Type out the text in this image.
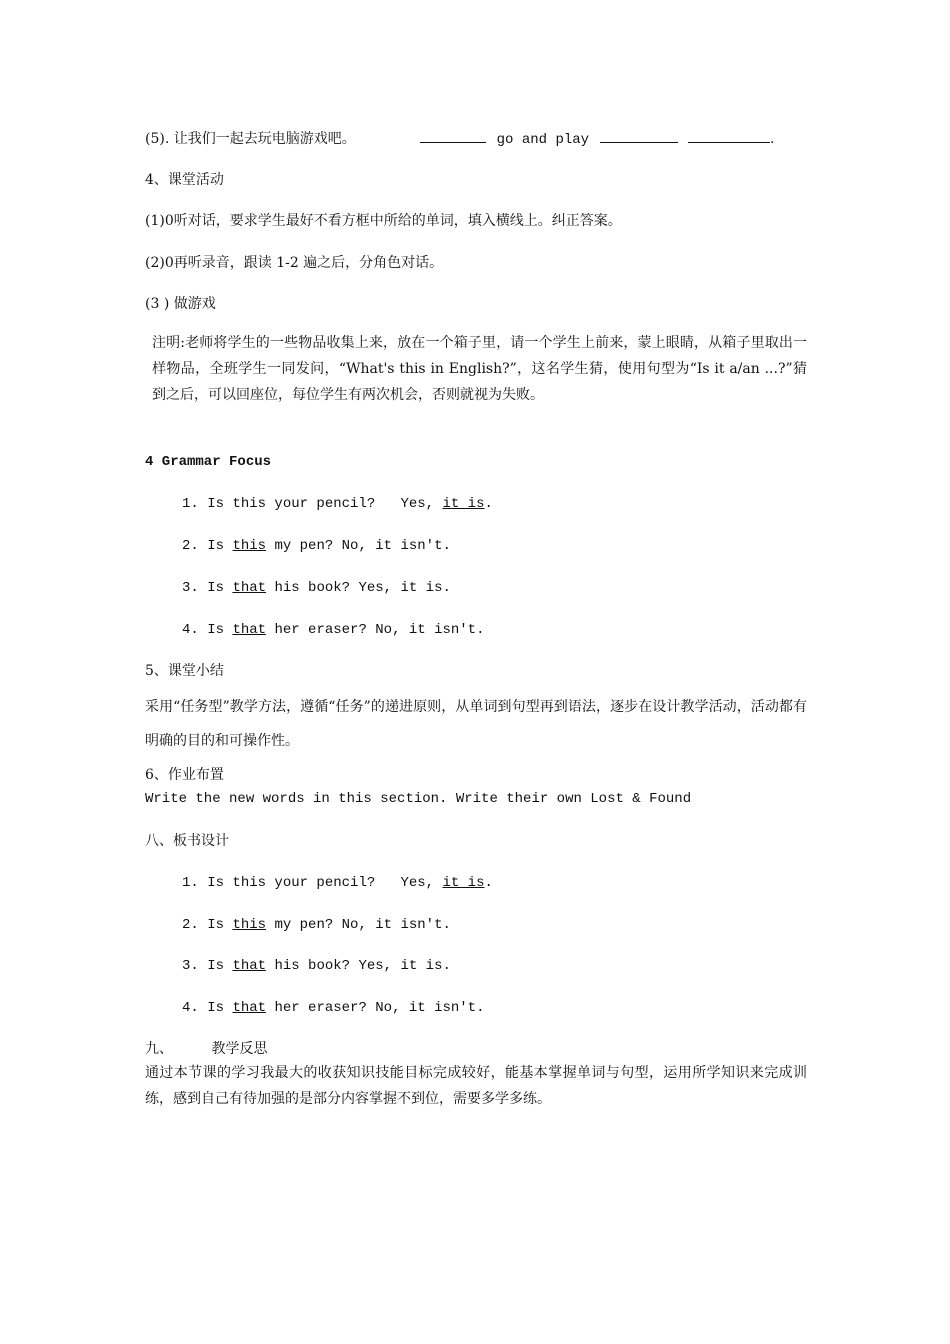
(5). 让我们一起去玩电脑游戏吧。	go and play	.
4、课堂活动
(1)0听对话，要求学生最好不看方框中所给的单词，填入横线上。纠正答案。
(2)0再听录音，跟读 1-2 遍之后，分角色对话。
(3 ) 做游戏
注明:老师将学生的一些物品收集上来，放在一个箱子里，请一个学生上前来，蒙上眼睛，从箱子里取出一样物品，全班学生一同发问，“What's this in English?”，这名学生猜，使用句型为“Is it a/an ...?”猜到之后，可以回座位，每位学生有两次机会，否则就视为失败。
4 Grammar Focus
1. Is this your pencil?   Yes, it is.
2. Is this my pen? No, it isn't.
3. Is that his book? Yes, it is.
4. Is that her eraser? No, it isn't.
5、课堂小结
采用“任务型”教学方法，遵循“任务”的递进原则，从单词到句型再到语法，逐步在设计教学活动，活动都有明确的目的和可操作性。
6、作业布置
Write the new words in this section. Write their own Lost & Found
八、板书设计
1. Is this your pencil?   Yes, it is.
2. Is this my pen? No, it isn't.
3. Is that his book? Yes, it is.
4. Is that her eraser? No, it isn't.
九、	教学反思
通过本节课的学习我最大的收获知识技能目标完成较好，能基本掌握单词与句型，运用所学知识来完成训练，感到自己有待加强的是部分内容掌握不到位，需要多学多练。
